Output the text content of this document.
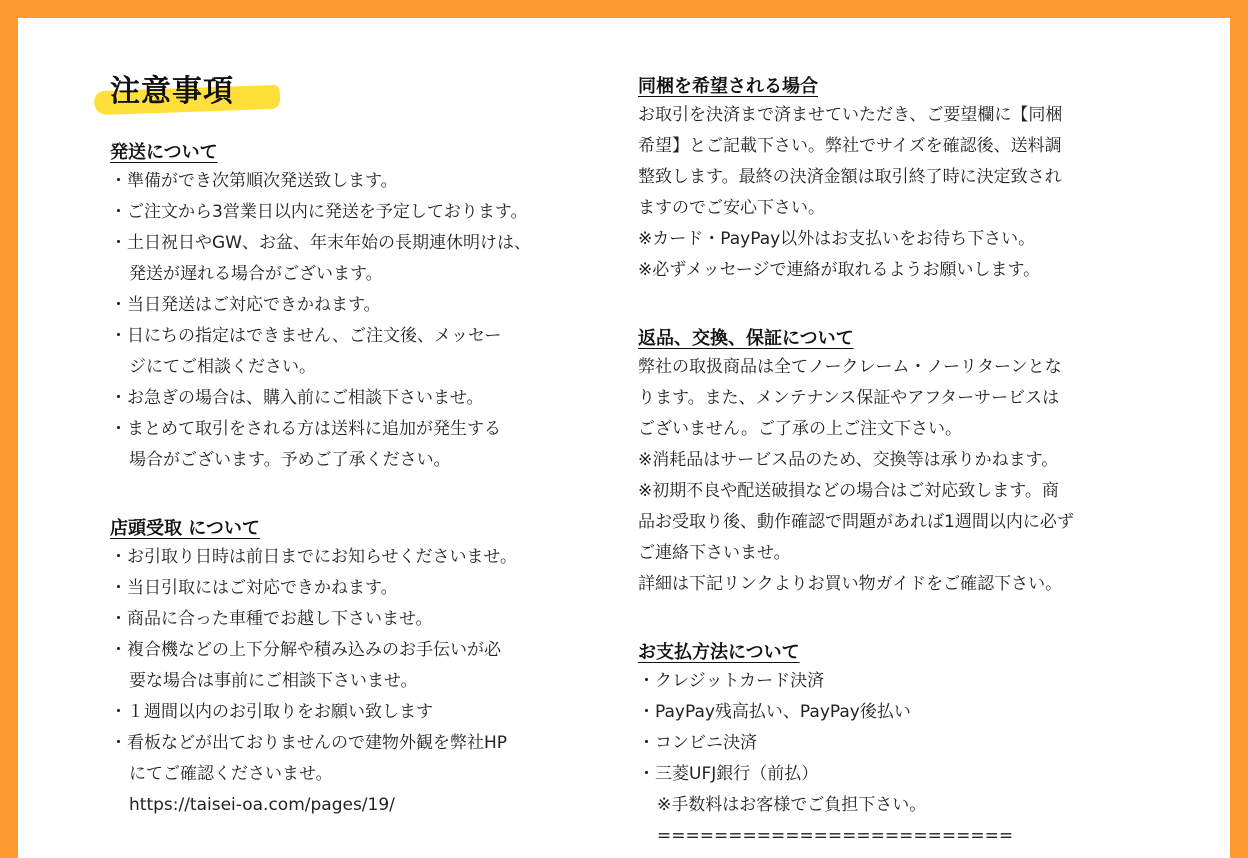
注意事項
発送について
・準備ができ次第順次発送致します。
・ご注文から3営業日以内に発送を予定しております。
・土日祝日やGW、お盆、年末年始の長期連休明けは、
発送が遅れる場合がございます。
・当日発送はご対応できかねます。
・日にちの指定はできません、ご注文後、メッセー
ジにてご相談ください。
・お急ぎの場合は、購入前にご相談下さいませ。
・まとめて取引をされる方は送料に追加が発生する
場合がございます。予めご了承ください。
店頭受取 について
・お引取り日時は前日までにお知らせくださいませ。
・当日引取にはご対応できかねます。
・商品に合った車種でお越し下さいませ。
・複合機などの上下分解や積み込みのお手伝いが必
要な場合は事前にご相談下さいませ。
・１週間以内のお引取りをお願い致します
・看板などが出ておりませんので建物外観を弊社HP
にてご確認くださいませ。
https://taisei-oa.com/pages/19/
同梱を希望される場合
お取引を決済まで済ませていただき、ご要望欄に【同梱
希望】とご記載下さい。弊社でサイズを確認後、送料調
整致します。最終の決済金額は取引終了時に決定致され
ますのでご安心下さい。
※カード・PayPay以外はお支払いをお待ち下さい。
※必ずメッセージで連絡が取れるようお願いします。
返品、交換、保証について
弊社の取扱商品は全てノークレーム・ノーリターンとな
ります。また、メンテナンス保証やアフターサービスは
ございません。ご了承の上ご注文下さい。
※消耗品はサービス品のため、交換等は承りかねます。
※初期不良や配送破損などの場合はご対応致します。商
品お受取り後、動作確認で問題があれば1週間以内に必ず
ご連絡下さいませ。
詳細は下記リンクよりお買い物ガイドをご確認下さい。
お支払方法について
・クレジットカード決済
・PayPay残高払い、PayPay後払い
・コンビニ決済
・三菱UFJ銀行（前払）
※手数料はお客様でご負担下さい。
=========================
